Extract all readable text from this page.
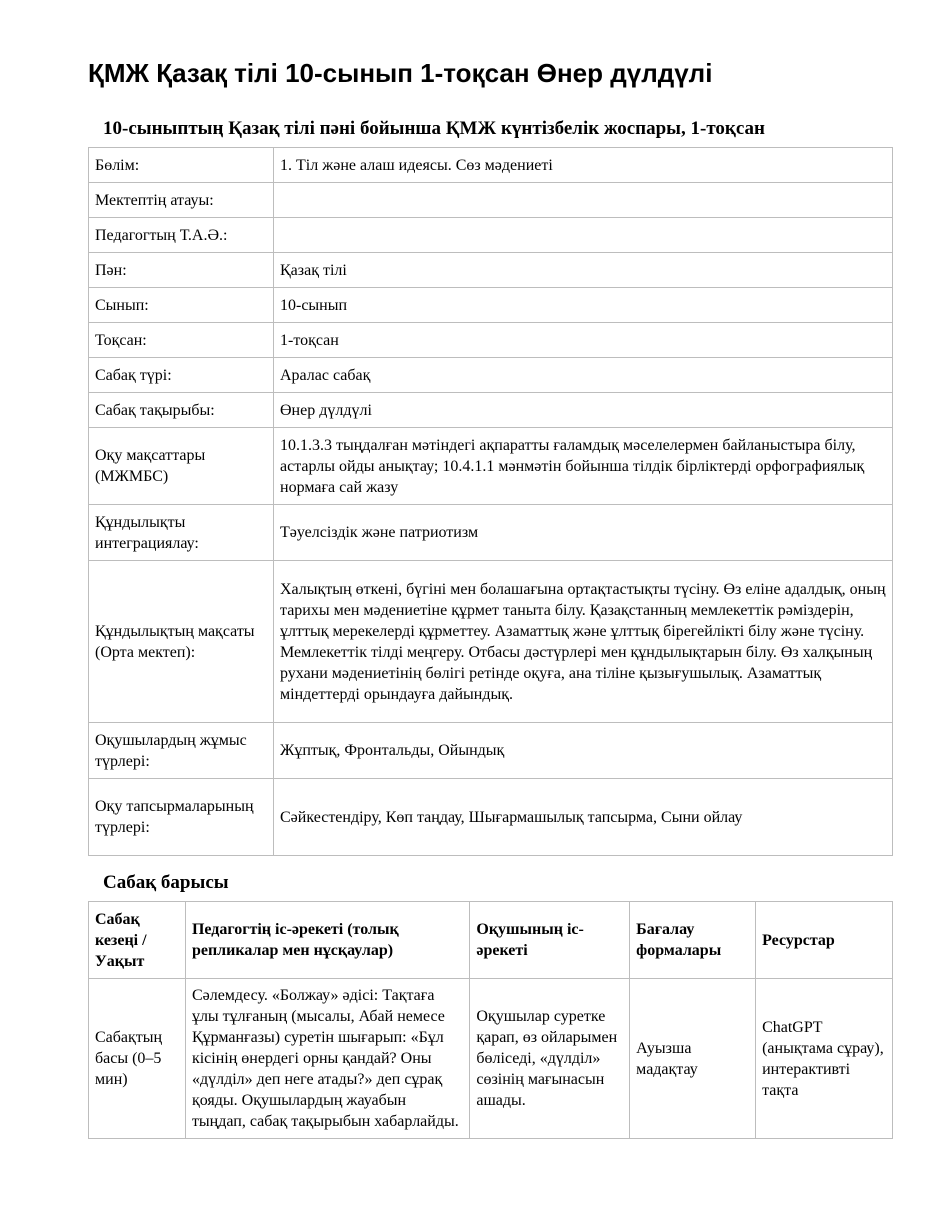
ҚМЖ Қазақ тілі 10-сынып 1-тоқсан Өнер дүлдүлі
10-сыныптың Қазақ тілі пәні бойынша ҚМЖ күнтізбелік жоспары, 1-тоқсан
Бөлім:	1. Тіл және алаш идеясы. Сөз мәдениеті
Мектептің атауы:	
Педагогтың Т.А.Ә.:	
Пән:	Қазақ тілі
Сынып:	10-сынып
Тоқсан:	1-тоқсан
Сабақ түрі:	Аралас сабақ
Сабақ тақырыбы:	Өнер дүлдүлі
Оқу мақсаттары (МЖМБС)	10.1.3.3 тыңдалған мәтіндегі ақпаратты ғаламдық мәселелермен байланыстыра білу, астарлы ойды анықтау; 10.4.1.1 мәнмәтін бойынша тілдік бірліктерді орфографиялық нормаға сай жазу
Құндылықты интеграциялау:	Тәуелсіздік және патриотизм
Құндылықтың мақсаты (Орта мектеп):	Халықтың өткені, бүгіні мен болашағына ортақтастықты түсіну. Өз еліне адалдық, оның тарихы мен мәдениетіне құрмет таныта білу. Қазақстанның мемлекеттік рәміздерін, ұлттық мерекелерді құрметтеу. Азаматтық және ұлттық бірегейлікті білу және түсіну. Мемлекеттік тілді меңгеру. Отбасы дәстүрлері мен құндылықтарын білу. Өз халқының рухани мәдениетінің бөлігі ретінде оқуға, ана тіліне қызығушылық. Азаматтық міндеттерді орындауға дайындық.
Оқушылардың жұмыс түрлері:	Жұптық, Фронтальды, Ойындық
Оқу тапсырмаларының түрлері:	Сәйкестендіру, Көп таңдау, Шығармашылық тапсырма, Сыни ойлау
Сабақ барысы
Сабақ кезеңі / Уақыт	Педагогтің іс-әрекеті (толық репликалар мен нұсқаулар)	Оқушының іс-әрекеті	Бағалау формалары	Ресурстар
Сабақтың басы (0–5 мин)	Сәлемдесу. «Болжау» әдісі: Тақтаға ұлы тұлғаның (мысалы, Абай немесе Құрманғазы) суретін шығарып: «Бұл кісінің өнердегі орны қандай? Оны «дүлділ» деп неге атады?» деп сұрақ қояды. Оқушылардың жауабын тыңдап, сабақ тақырыбын хабарлайды.	Оқушылар суретке қарап, өз ойларымен бөліседі, «дүлділ» сөзінің мағынасын ашады.	Ауызша мадақтау	ChatGPT (анықтама сұрау), интерактивті тақта
